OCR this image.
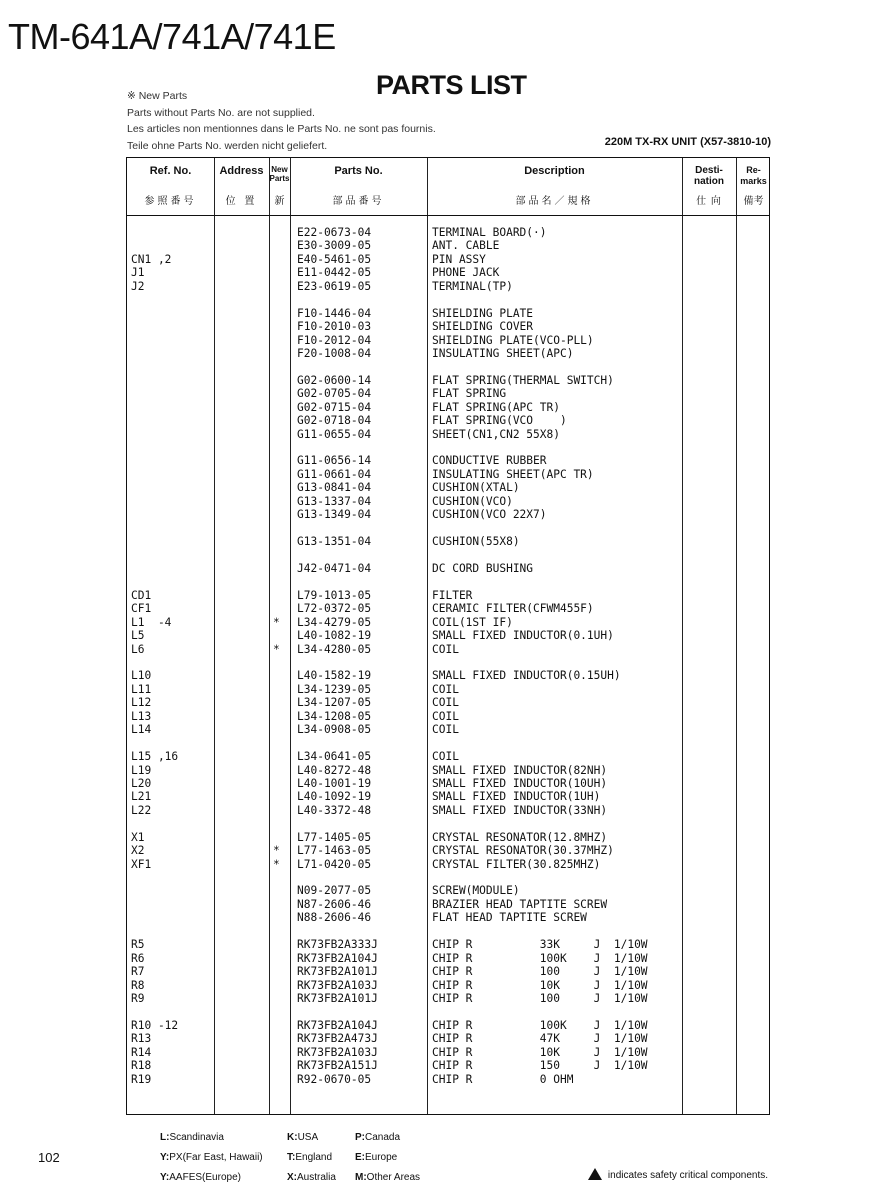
TM-641A/741A/741E
PARTS LIST
※ New Parts
Parts without Parts No. are not supplied.
Les articles non mentionnes dans le Parts No. ne sont pas fournis.
Teile ohne Parts No. werden nicht geliefert.	220M TX-RX UNIT (X57-3810-10)
Ref. No.
参照番号
Address
位 置
New Parts
新
Parts No.
部品番号
Description
部品名／規格
Desti- nation
仕 向
Re- marks
備考
E22-0673-04	TERMINAL BOARD(·)
E30-3009-05	ANT. CABLE
CN1 ,2	E40-5461-05	PIN ASSY
J1	E11-0442-05	PHONE JACK
J2	E23-0619-05	TERMINAL(TP)
F10-1446-04	SHIELDING PLATE
F10-2010-03	SHIELDING COVER
F10-2012-04	SHIELDING PLATE(VCO-PLL)
F20-1008-04	INSULATING SHEET(APC)
G02-0600-14	FLAT SPRING(THERMAL SWITCH)
G02-0705-04	FLAT SPRING
G02-0715-04	FLAT SPRING(APC TR)
G02-0718-04	FLAT SPRING(VCO    )
G11-0655-04	SHEET(CN1,CN2 55X8)
G11-0656-14	CONDUCTIVE RUBBER
G11-0661-04	INSULATING SHEET(APC TR)
G13-0841-04	CUSHION(XTAL)
G13-1337-04	CUSHION(VCO)
G13-1349-04	CUSHION(VCO 22X7)
G13-1351-04	CUSHION(55X8)
J42-0471-04	DC CORD BUSHING
CD1	L79-1013-05	FILTER
CF1	L72-0372-05	CERAMIC FILTER(CFWM455F)
L1  -4	* L34-4279-05	COIL(1ST IF)
L5	L40-1082-19	SMALL FIXED INDUCTOR(0.1UH)
L6	* L34-4280-05	COIL
L10	L40-1582-19	SMALL FIXED INDUCTOR(0.15UH)
L11	L34-1239-05	COIL
L12	L34-1207-05	COIL
L13	L34-1208-05	COIL
L14	L34-0908-05	COIL
L15 ,16	L34-0641-05	COIL
L19	L40-8272-48	SMALL FIXED INDUCTOR(82NH)
L20	L40-1001-19	SMALL FIXED INDUCTOR(10UH)
L21	L40-1092-19	SMALL FIXED INDUCTOR(1UH)
L22	L40-3372-48	SMALL FIXED INDUCTOR(33NH)
X1	L77-1405-05	CRYSTAL RESONATOR(12.8MHZ)
X2	* L77-1463-05	CRYSTAL RESONATOR(30.37MHZ)
XF1	* L71-0420-05	CRYSTAL FILTER(30.825MHZ)
N09-2077-05	SCREW(MODULE)
N87-2606-46	BRAZIER HEAD TAPTITE SCREW
N88-2606-46	FLAT HEAD TAPTITE SCREW
R5	RK73FB2A333J	CHIP R          33K     J  1/10W
R6	RK73FB2A104J	CHIP R          100K    J  1/10W
R7	RK73FB2A101J	CHIP R          100     J  1/10W
R8	RK73FB2A103J	CHIP R          10K     J  1/10W
R9	RK73FB2A101J	CHIP R          100     J  1/10W
R10 -12	RK73FB2A104J	CHIP R          100K    J  1/10W
R13	RK73FB2A473J	CHIP R          47K     J  1/10W
R14	RK73FB2A103J	CHIP R          10K     J  1/10W
R18	RK73FB2A151J	CHIP R          150     J  1/10W
R19	R92-0670-05	CHIP R          0 OHM
102
L:Scandinavia
Y:PX(Far East, Hawaii)
Y:AAFES(Europe)
K:USA
T:England
X:Australia
P:Canada
E:Europe
M:Other Areas	indicates safety critical components.
